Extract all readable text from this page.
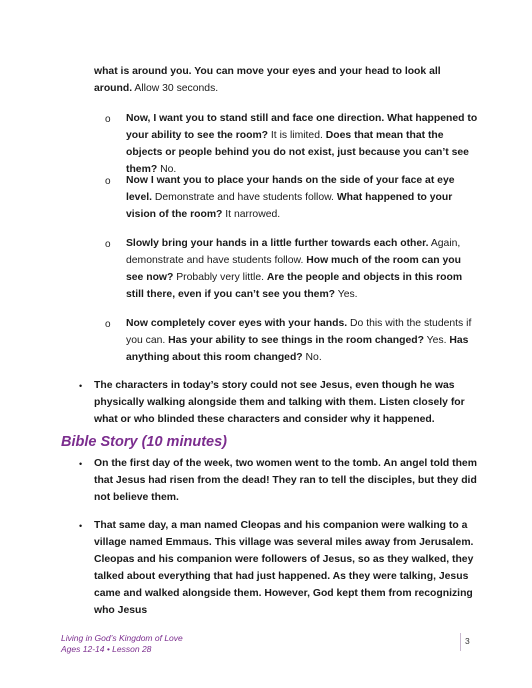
what is around you. You can move your eyes and your head to look all around. Allow 30 seconds.

o Now, I want you to stand still and face one direction. What happened to your ability to see the room? It is limited. Does that mean that the objects or people behind you do not exist, just because you can’t see them? No.

o Now I want you to place your hands on the side of your face at eye level. Demonstrate and have students follow. What happened to your vision of the room? It narrowed.

o Slowly bring your hands in a little further towards each other. Again, demonstrate and have students follow. How much of the room can you see now? Probably very little. Are the people and objects in this room still there, even if you can’t see you them? Yes.

o Now completely cover eyes with your hands. Do this with the students if you can. Has your ability to see things in the room changed? Yes. Has anything about this room changed? No.

• The characters in today’s story could not see Jesus, even though he was physically walking alongside them and talking with them. Listen closely for what or who blinded these characters and consider why it happened.

Bible Story (10 minutes)
• On the first day of the week, two women went to the tomb. An angel told them that Jesus had risen from the dead! They ran to tell the disciples, but they did not believe them.

• That same day, a man named Cleopas and his companion were walking to a village named Emmaus. This village was several miles away from Jerusalem. Cleopas and his companion were followers of Jesus, so as they walked, they talked about everything that had just happened. As they were talking, Jesus came and walked alongside them. However, God kept them from recognizing who Jesus

Living in God’s Kingdom of Love
Ages 12-14 • Lesson 28
3
